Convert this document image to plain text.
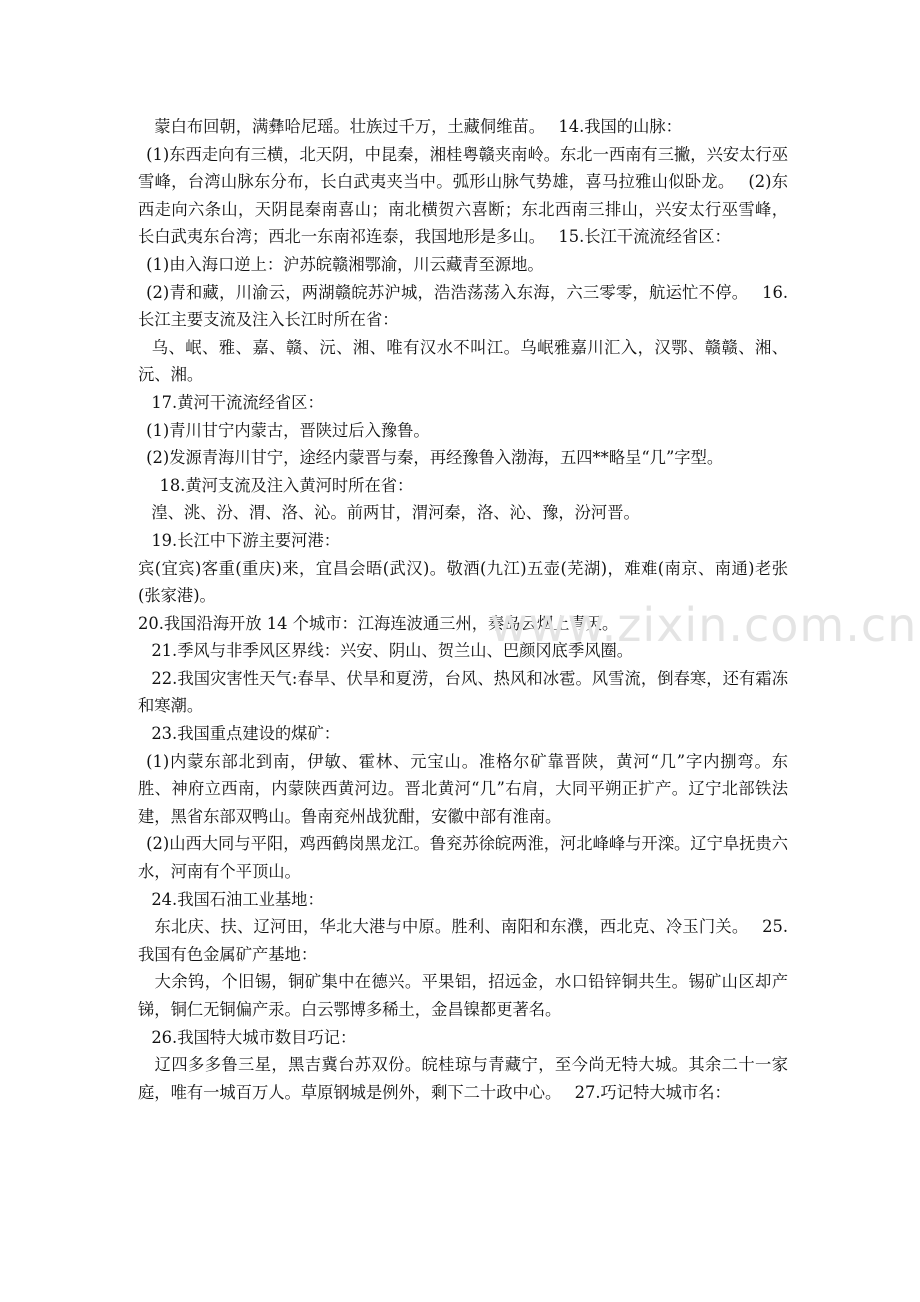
　蒙白布回朝，满彝哈尼瑶。壮族过千万，土藏侗维苗。　 14.我国的山脉：

 (1)东西走向有三横，北天阴，中昆秦，湘桂粤赣夹南岭。东北一西南有三撇，兴安太行巫雪峰，台湾山脉东分布，长白武夷夹当中。弧形山脉气势雄，喜马拉雅山似卧龙。　 (2)东西走向六条山，天阴昆秦南喜山；南北横贺六喜断；东北西南三排山，兴安太行巫雪峰，长白武夷东台湾；西北一东南祁连泰，我国地形是多山。　 15.长江干流流经省区：

 (1)由入海口逆上：沪苏皖赣湘鄂渝，川云藏青至源地。

 (2)青和藏，川渝云，两湖赣皖苏沪城，浩浩荡荡入东海，六三零零，航运忙不停。　 16.长江主要支流及注入长江时所在省：

  乌、岷、雅、嘉、赣、沅、湘、唯有汉水不叫江。乌岷雅嘉川汇入，汉鄂、赣赣、湘、沅、湘。

  17.黄河干流流经省区：

 (1)青川甘宁内蒙古，晋陕过后入豫鲁。

 (2)发源青海川甘宁，途经内蒙晋与秦，再经豫鲁入渤海，五四**略呈“几”字型。

　 18.黄河支流及注入黄河时所在省：

  湟、洮、汾、渭、洛、沁。前两甘，渭河秦，洛、沁、豫，汾河晋。

  19.长江中下游主要河港：

宾(宜宾)客重(重庆)来，宜昌会晤(武汉)。敬酒(九江)五壶(芜湖)，难难(南京、南通)老张(张家港)。

20.我国沿海开放 14 个城市：江海连波通三州，秦岛云烟上青天。

  21.季风与非季风区界线：兴安、阴山、贺兰山、巴颜冈底季风圈。

  22.我国灾害性天气:春旱、伏旱和夏涝，台风、热风和冰雹。风雪流，倒春寒，还有霜冻和寒潮。

  23.我国重点建设的煤矿：

 (1)内蒙东部北到南，伊敏、霍林、元宝山。准格尔矿靠晋陕，黄河“几”字内捌弯。东胜、神府立西南，内蒙陕西黄河边。晋北黄河“几”右肩，大同平朔正扩产。辽宁北部铁法建，黑省东部双鸭山。鲁南兖州战犹酣，安徽中部有淮南。

 (2)山西大同与平阳，鸡西鹤岗黑龙江。鲁兖苏徐皖两淮，河北峰峰与开滦。辽宁阜抚贵六水，河南有个平顶山。

  24.我国石油工业基地：

  东北庆、扶、辽河田，华北大港与中原。胜利、南阳和东濮，西北克、冷玉门关。　 25.我国有色金属矿产基地：

  大余钨，个旧锡，铜矿集中在德兴。平果铝，招远金，水口铅锌铜共生。锡矿山区却产锑，铜仁无铜偏产汞。白云鄂博多稀土，金昌镍都更著名。

  26.我国特大城市数目巧记：

  辽四多多鲁三星，黑吉冀台苏双份。皖桂琼与青藏宁，至今尚无特大城。其余二十一家庭，唯有一城百万人。草原钢城是例外，剩下二十政中心。　 27.巧记特大城市名：

www.zixin.com.cn
